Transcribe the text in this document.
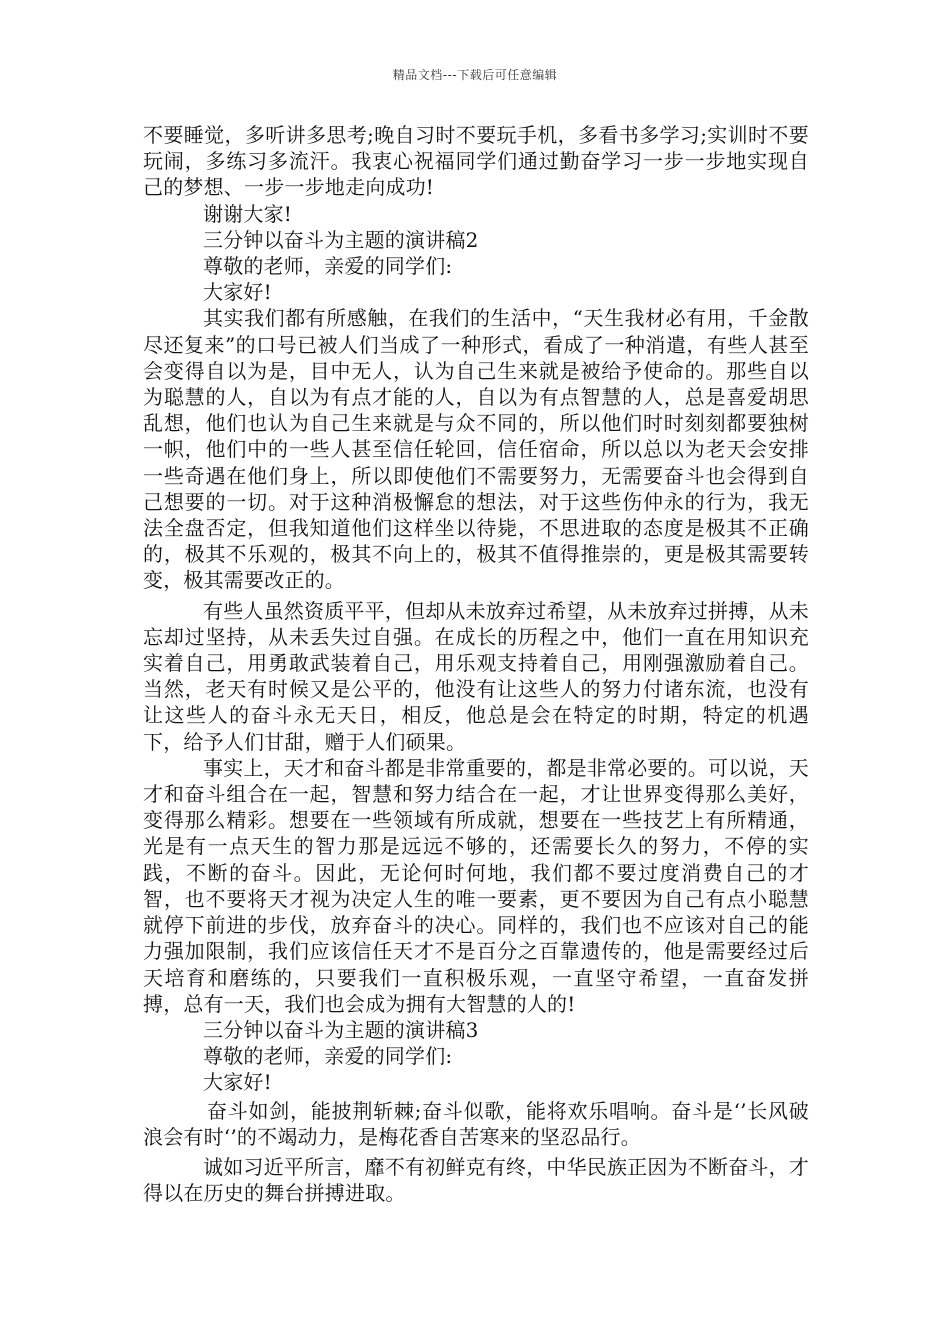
精品文档---下载后可任意编辑

不要睡觉，多听讲多思考;晚自习时不要玩手机，多看书多学习;实训时不要玩闹，多练习多流汗。我衷心祝福同学们通过勤奋学习一步一步地实现自己的梦想、一步一步地走向成功!

谢谢大家!

三分钟以奋斗为主题的演讲稿2

尊敬的老师，亲爱的同学们:

大家好!

其实我们都有所感触，在我们的生活中，“天生我材必有用，千金散尽还复来”的口号已被人们当成了一种形式，看成了一种消遣，有些人甚至会变得自以为是，目中无人，认为自己生来就是被给予使命的。那些自以为聪慧的人，自以为有点才能的人，自以为有点智慧的人，总是喜爱胡思乱想，他们也认为自己生来就是与众不同的，所以他们时时刻刻都要独树一帜，他们中的一些人甚至信任轮回，信任宿命，所以总以为老天会安排一些奇遇在他们身上，所以即使他们不需要努力，无需要奋斗也会得到自己想要的一切。对于这种消极懈怠的想法，对于这些伤仲永的行为，我无法全盘否定，但我知道他们这样坐以待毙，不思进取的态度是极其不正确的，极其不乐观的，极其不向上的，极其不值得推崇的，更是极其需要转变，极其需要改正的。

有些人虽然资质平平，但却从未放弃过希望，从未放弃过拼搏，从未忘却过坚持，从未丢失过自强。在成长的历程之中，他们一直在用知识充实着自己，用勇敢武装着自己，用乐观支持着自己，用刚强激励着自己。当然，老天有时候又是公平的，他没有让这些人的努力付诸东流，也没有让这些人的奋斗永无天日，相反，他总是会在特定的时期，特定的机遇下，给予人们甘甜，赠于人们硕果。

事实上，天才和奋斗都是非常重要的，都是非常必要的。可以说，天才和奋斗组合在一起，智慧和努力结合在一起，才让世界变得那么美好，变得那么精彩。想要在一些领域有所成就，想要在一些技艺上有所精通，光是有一点天生的智力那是远远不够的，还需要长久的努力，不停的实践，不断的奋斗。因此，无论何时何地，我们都不要过度消费自己的才智，也不要将天才视为决定人生的唯一要素，更不要因为自己有点小聪慧就停下前进的步伐，放弃奋斗的决心。同样的，我们也不应该对自己的能力强加限制，我们应该信任天才不是百分之百靠遗传的，他是需要经过后天培育和磨练的，只要我们一直积极乐观，一直坚守希望，一直奋发拼搏，总有一天，我们也会成为拥有大智慧的人的!

三分钟以奋斗为主题的演讲稿3

尊敬的老师，亲爱的同学们:

大家好!

奋斗如剑，能披荆斩棘;奋斗似歌，能将欢乐唱响。奋斗是‘’长风破浪会有时‘’的不竭动力，是梅花香自苦寒来的坚忍品行。

诚如习近平所言，靡不有初鲜克有终，中华民族正因为不断奋斗，才得以在历史的舞台拼搏进取。
